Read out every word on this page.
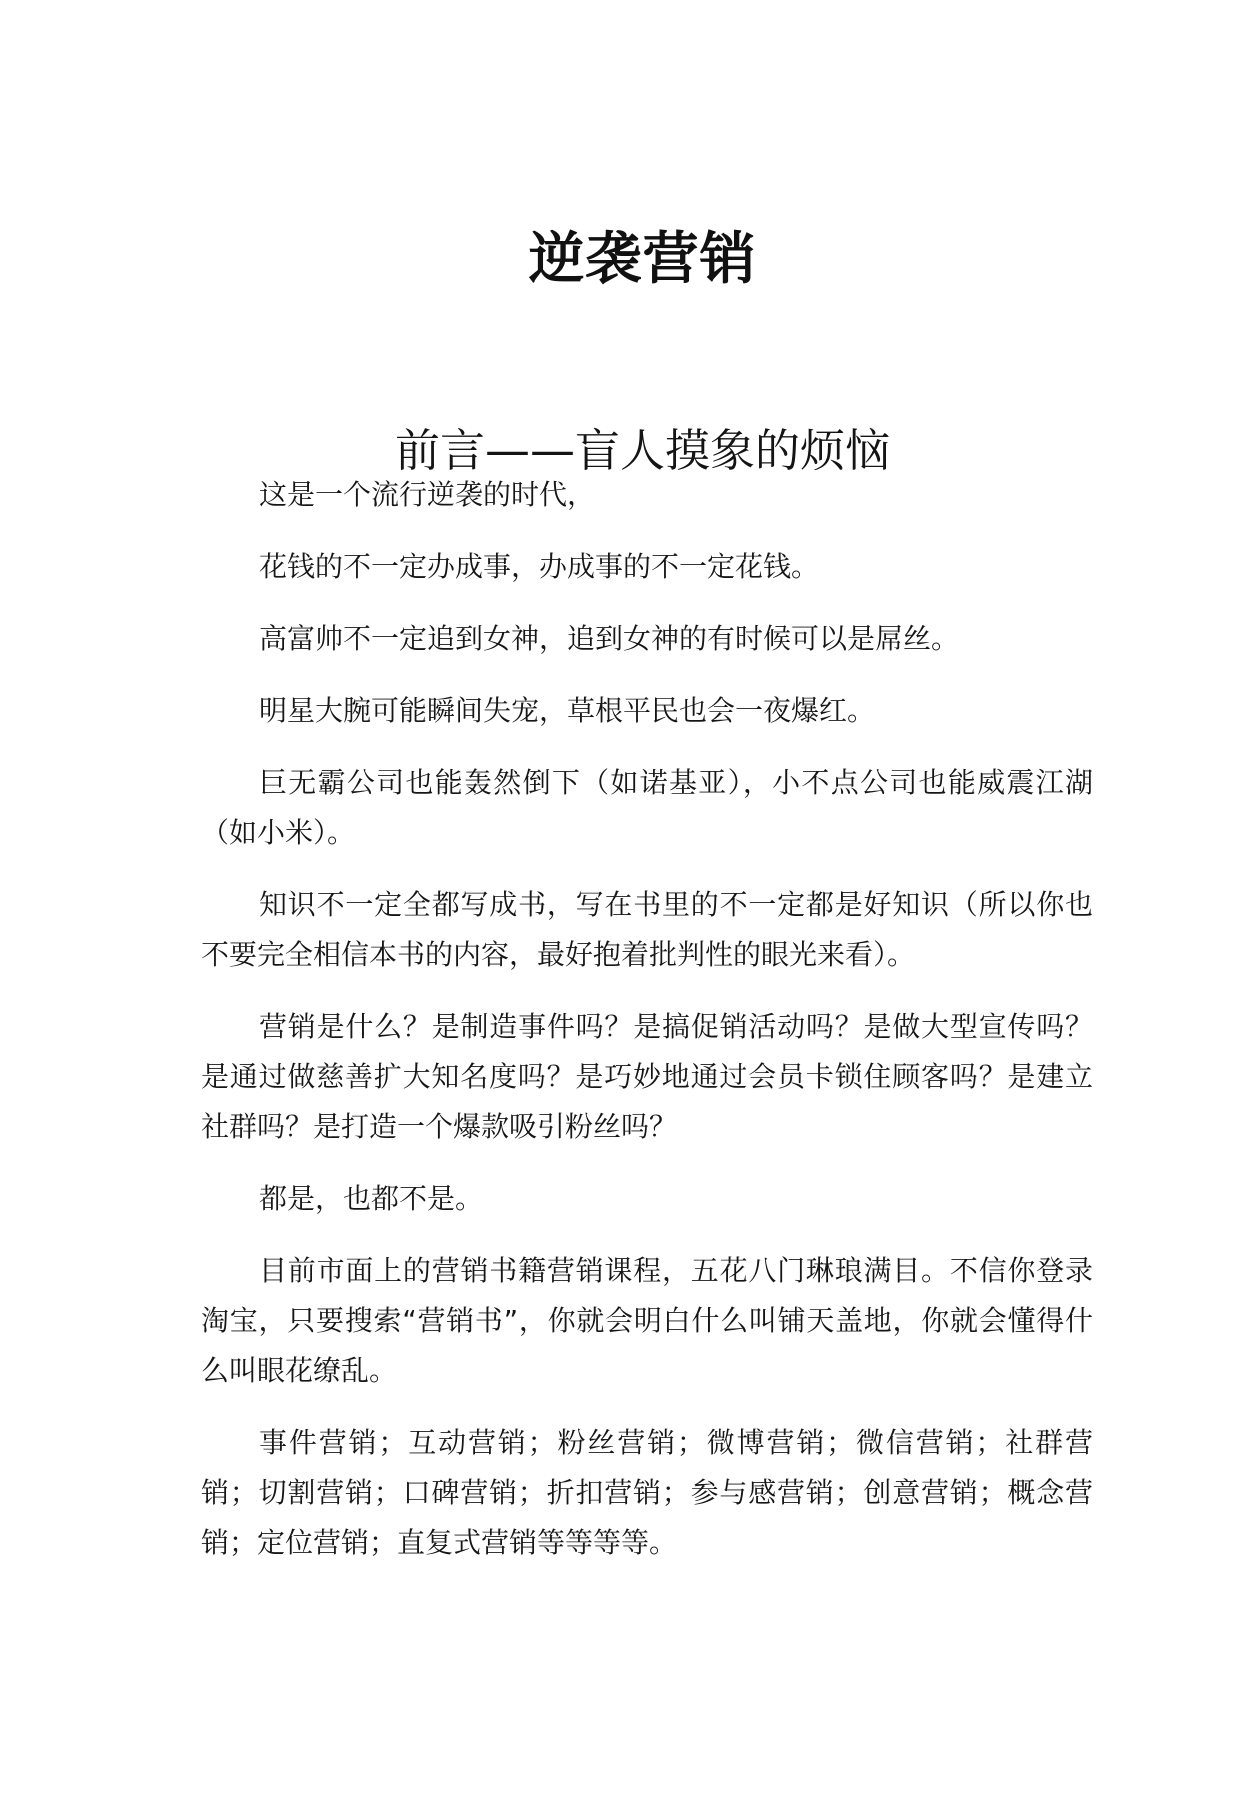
逆袭营销
前言——盲人摸象的烦恼

这是一个流行逆袭的时代，

花钱的不一定办成事，办成事的不一定花钱。

高富帅不一定追到女神，追到女神的有时候可以是屌丝。

明星大腕可能瞬间失宠，草根平民也会一夜爆红。

巨无霸公司也能轰然倒下（如诺基亚），小不点公司也能威震江湖（如小米）。

知识不一定全都写成书，写在书里的不一定都是好知识（所以你也不要完全相信本书的内容，最好抱着批判性的眼光来看）。

营销是什么？是制造事件吗？是搞促销活动吗？是做大型宣传吗？是通过做慈善扩大知名度吗？是巧妙地通过会员卡锁住顾客吗？是建立社群吗？是打造一个爆款吸引粉丝吗？

都是，也都不是。

目前市面上的营销书籍营销课程，五花八门琳琅满目。不信你登录淘宝，只要搜索“营销书”，你就会明白什么叫铺天盖地，你就会懂得什么叫眼花缭乱。

事件营销；互动营销；粉丝营销；微博营销；微信营销；社群营销；切割营销；口碑营销；折扣营销；参与感营销；创意营销；概念营销；定位营销；直复式营销等等等等。
